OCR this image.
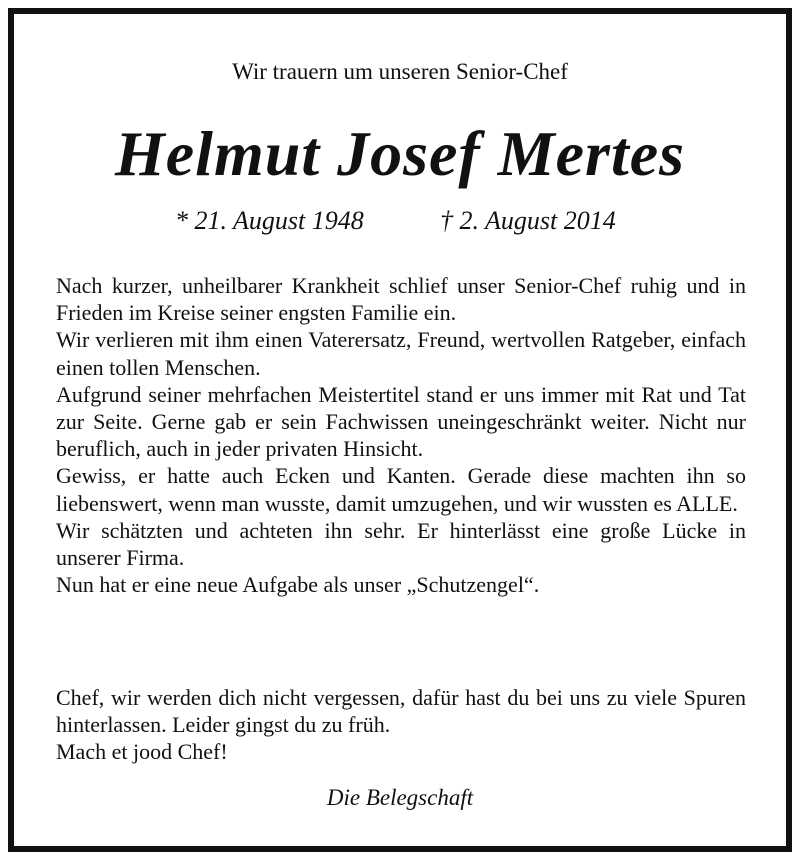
Wir trauern um unseren Senior-Chef
Helmut Josef Mertes
* 21. August 1948	† 2. August 2014

Nach kurzer, unheilbarer Krankheit schlief unser Senior-Chef ruhig und in Frieden im Kreise seiner engsten Familie ein.

Wir verlieren mit ihm einen Vaterersatz, Freund, wertvollen Ratgeber, einfach einen tollen Menschen.

Aufgrund seiner mehrfachen Meistertitel stand er uns immer mit Rat und Tat zur Seite. Gerne gab er sein Fachwissen uneingeschränkt weiter. Nicht nur beruflich, auch in jeder privaten Hinsicht.

Gewiss, er hatte auch Ecken und Kanten. Gerade diese machten ihn so liebenswert, wenn man wusste, damit umzugehen, und wir wussten es ALLE.

Wir schätzten und achteten ihn sehr. Er hinterlässt eine große Lücke in unserer Firma.

Nun hat er eine neue Aufgabe als unser „Schutzengel“.

Chef, wir werden dich nicht vergessen, dafür hast du bei uns zu viele Spuren hinterlassen. Leider gingst du zu früh.

Mach et jood Chef!

Die Belegschaft
